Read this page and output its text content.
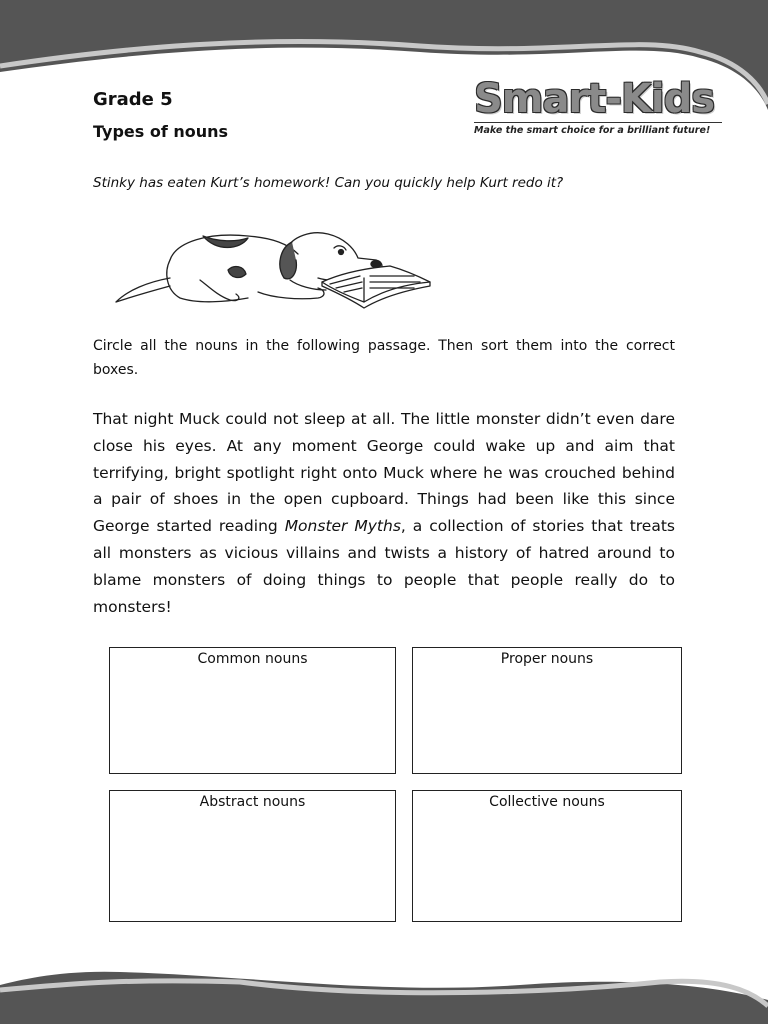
Grade 5
Types of nouns
Smart-Kids
Make the smart choice for a brilliant future!
Stinky has eaten Kurt’s homework! Can you quickly help Kurt redo it?
Circle all the nouns in the following passage. Then sort them into the correct boxes.
That night Muck could not sleep at all. The little monster didn’t even dare close his eyes. At any moment George could wake up and aim that terrifying, bright spotlight right onto Muck where he was crouched behind a pair of shoes in the open cupboard. Things had been like this since George started reading Monster Myths, a collection of stories that treats all monsters as vicious villains and twists a history of hatred around to blame monsters of doing things to people that people really do to monsters!
Common nouns	Proper nouns
Abstract nouns	Collective nouns
